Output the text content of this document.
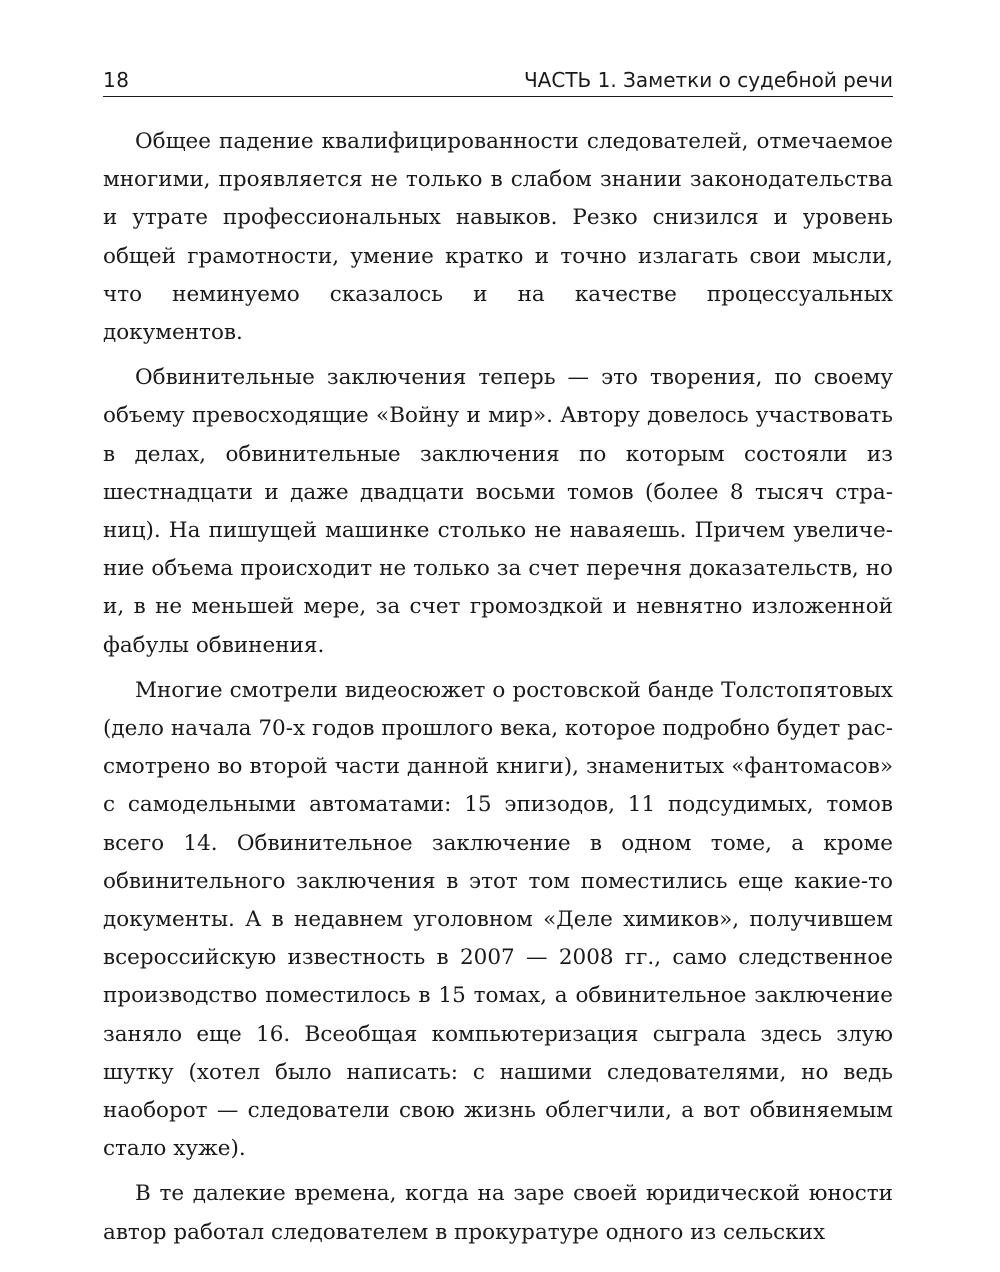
18	ЧАСТЬ 1. Заметки о судебной речи

Общее падение квалифицированности следователей, отмечаемое многими, проявляется не только в слабом знании законодательства и утрате профессиональных навыков. Резко снизился и уровень общей грамотности, умение кратко и точно излагать свои мысли, что неминуемо сказалось и на качестве процессуальных документов.

Обвинительные заключения теперь — это творения, по своему объему превосходящие «Войну и мир». Автору довелось участвовать в делах, обвинительные заключения по которым состояли из шестнадцати и даже двадцати восьми томов (более 8 тысяч страниц). На пишущей машинке столько не наваяешь. Причем увеличение объема происходит не только за счет перечня доказательств, но и, в не меньшей мере, за счет громоздкой и невнятно изложенной фабулы обвинения.

Многие смотрели видеосюжет о ростовской банде Толстопятовых (дело начала 70-х годов прошлого века, которое подробно будет рассмотрено во второй части данной книги), знаменитых «фантомасов» с самодельными автоматами: 15 эпизодов, 11 подсудимых, томов всего 14. Обвинительное заключение в одном томе, а кроме обвинительного заключения в этот том поместились еще какие-то документы. А в недавнем уголовном «Деле химиков», получившем всероссийскую известность в 2007 — 2008 гг., само следственное производство поместилось в 15 томах, а обвинительное заключение заняло еще 16. Всеобщая компьютеризация сыграла здесь злую шутку (хотел было написать: с нашими следователями, но ведь наоборот — следователи свою жизнь облегчили, а вот обвиняемым стало хуже).

В те далекие времена, когда на заре своей юридической юности автор работал следователем в прокуратуре одного из сельских
